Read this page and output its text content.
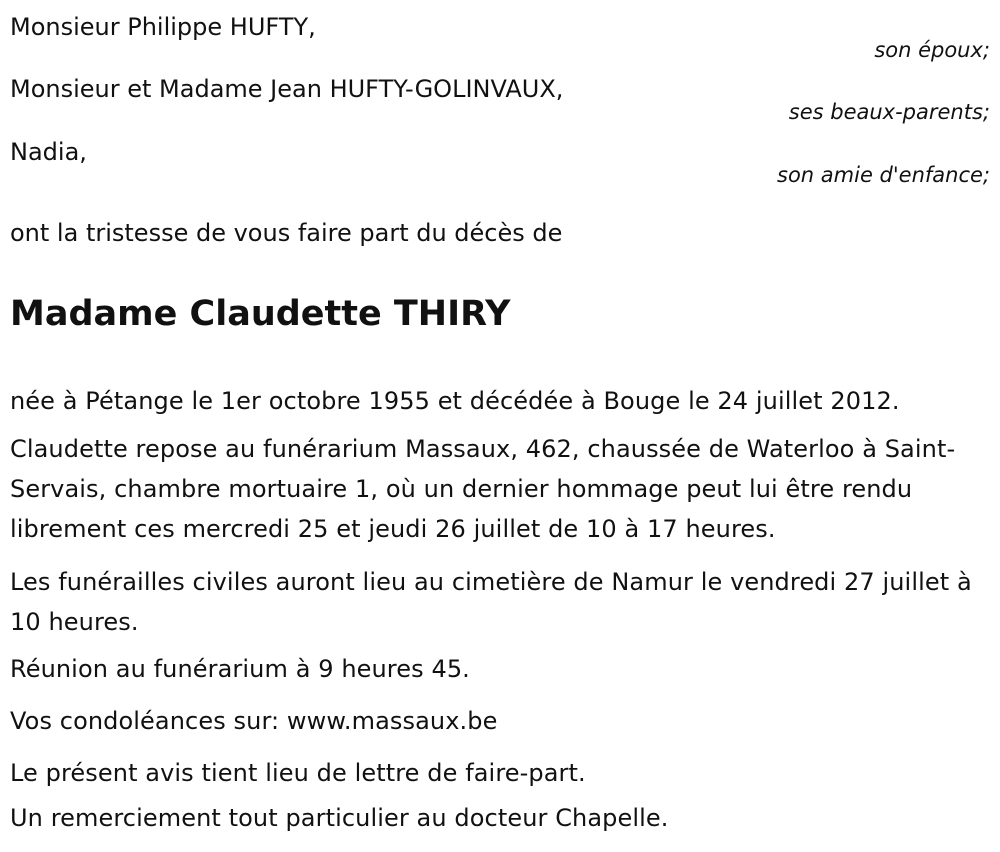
Monsieur Philippe HUFTY,
son époux;
Monsieur et Madame Jean HUFTY-GOLINVAUX,
ses beaux-parents;
Nadia,
son amie d'enfance;
ont la tristesse de vous faire part du décès de
Madame Claudette THIRY
née à Pétange le 1er octobre 1955 et décédée à Bouge le 24 juillet 2012.
Claudette repose au funérarium Massaux, 462, chaussée de Waterloo à Saint-Servais, chambre mortuaire 1, où un dernier hommage peut lui être rendu librement ces mercredi 25 et jeudi 26 juillet de 10 à 17 heures.
Les funérailles civiles auront lieu au cimetière de Namur le vendredi 27 juillet à 10 heures.
Réunion au funérarium à 9 heures 45.
Vos condoléances sur: www.massaux.be
Le présent avis tient lieu de lettre de faire-part.
Un remerciement tout particulier au docteur Chapelle.
